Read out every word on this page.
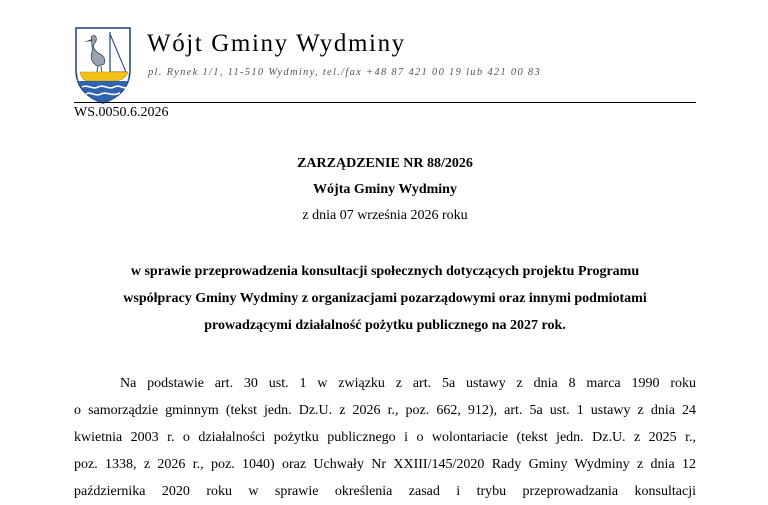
Wójt Gminy Wydminy
pl. Rynek 1/1, 11-510 Wydminy, tel./fax +48 87 421 00 19 lub 421 00 83
WS.0050.6.2026
ZARZĄDZENIE NR 88/2026
Wójta Gminy Wydminy
z dnia 07 września 2026 roku
w sprawie przeprowadzenia konsultacji społecznych dotyczących projektu Programu
współpracy Gminy Wydminy z organizacjami pozarządowymi oraz innymi podmiotami
prowadzącymi działalność pożytku publicznego na 2027 rok.
Na podstawie art. 30 ust. 1 w związku z art. 5a ustawy z dnia 8 marca 1990 roku
o samorządzie gminnym (tekst jedn. Dz.U. z 2026 r., poz. 662, 912), art. 5a ust. 1 ustawy z dnia 24
kwietnia 2003 r. o działalności pożytku publicznego i o wolontariacie (tekst jedn. Dz.U. z 2025 r.,
poz. 1338, z 2026 r., poz. 1040) oraz Uchwały Nr XXIII/145/2020 Rady Gminy Wydminy z dnia 12
października 2020 roku w sprawie określenia zasad i trybu przeprowadzania konsultacji
